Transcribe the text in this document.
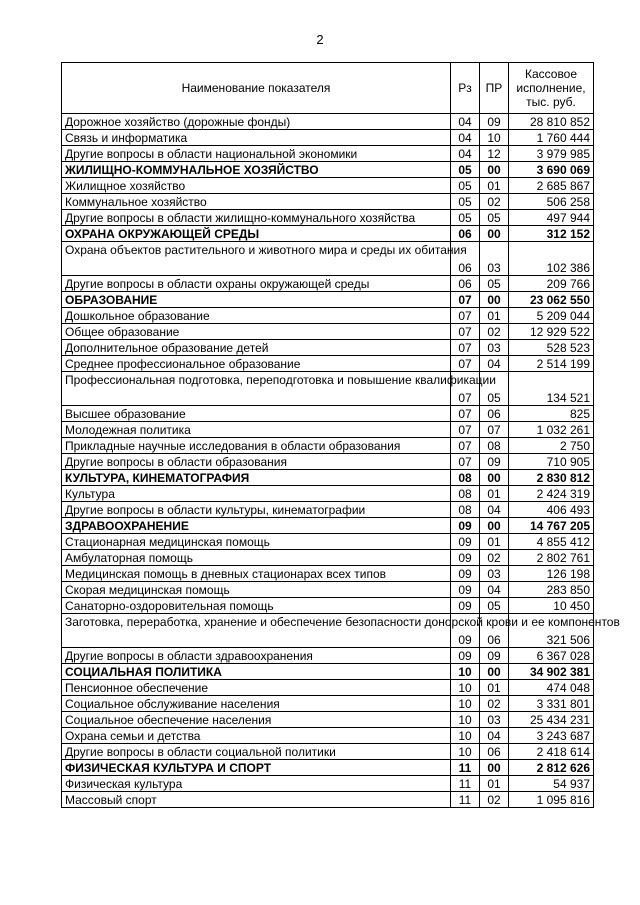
2
Наименование показателя	Рз	ПР	Кассовое исполнение, тыс. руб.
Дорожное хозяйство (дорожные фонды)	04	09	28 810 852
Связь и информатика	04	10	1 760 444
Другие вопросы в области национальной экономики	04	12	3 979 985
ЖИЛИЩНО-КОММУНАЛЬНОЕ ХОЗЯЙСТВО	05	00	3 690 069
Жилищное хозяйство	05	01	2 685 867
Коммунальное хозяйство	05	02	506 258
Другие вопросы в области жилищно-коммунального хозяйства	05	05	497 944
ОХРАНА ОКРУЖАЮЩЕЙ СРЕДЫ	06	00	312 152
Охрана объектов растительного и животного мира и среды их обитания	06	03	102 386
Другие вопросы в области охраны окружающей среды	06	05	209 766
ОБРАЗОВАНИЕ	07	00	23 062 550
Дошкольное образование	07	01	5 209 044
Общее образование	07	02	12 929 522
Дополнительное образование детей	07	03	528 523
Среднее профессиональное образование	07	04	2 514 199
Профессиональная подготовка, переподготовка и повышение квалификации	07	05	134 521
Высшее образование	07	06	825
Молодежная политика	07	07	1 032 261
Прикладные научные исследования в области образования	07	08	2 750
Другие вопросы в области образования	07	09	710 905
КУЛЬТУРА, КИНЕМАТОГРАФИЯ	08	00	2 830 812
Культура	08	01	2 424 319
Другие вопросы в области культуры, кинематографии	08	04	406 493
ЗДРАВООХРАНЕНИЕ	09	00	14 767 205
Стационарная медицинская помощь	09	01	4 855 412
Амбулаторная помощь	09	02	2 802 761
Медицинская помощь в дневных стационарах всех типов	09	03	126 198
Скорая медицинская помощь	09	04	283 850
Санаторно-оздоровительная помощь	09	05	10 450
Заготовка, переработка, хранение и обеспечение безопасности донорской крови и ее компонентов	09	06	321 506
Другие вопросы в области здравоохранения	09	09	6 367 028
СОЦИАЛЬНАЯ ПОЛИТИКА	10	00	34 902 381
Пенсионное обеспечение	10	01	474 048
Социальное обслуживание населения	10	02	3 331 801
Социальное обеспечение населения	10	03	25 434 231
Охрана семьи и детства	10	04	3 243 687
Другие вопросы в области социальной политики	10	06	2 418 614
ФИЗИЧЕСКАЯ КУЛЬТУРА И СПОРТ	11	00	2 812 626
Физическая культура	11	01	54 937
Массовый спорт	11	02	1 095 816
